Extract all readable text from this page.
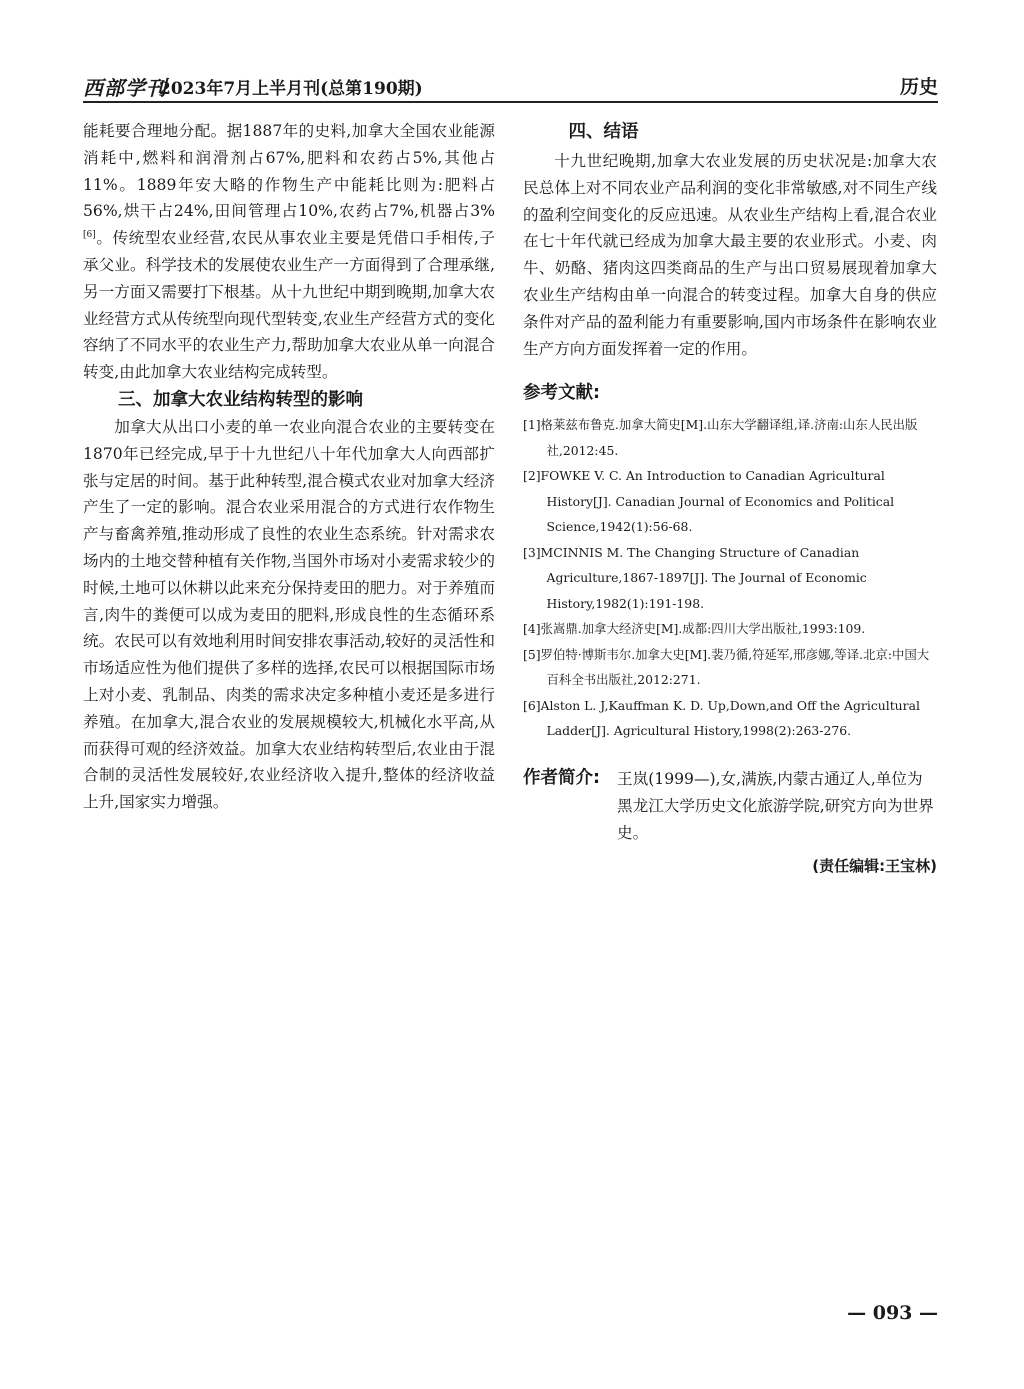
西部学刊
2023年7月上半月刊(总第190期)	历史

能耗要合理地分配。据1887年的史料,加拿大全国农业能源消耗中,燃料和润滑剂占67%,肥料和农药占5%,其他占11%。1889年安大略的作物生产中能耗比则为:肥料占56%,烘干占24%,田间管理占10%,农药占7%,机器占3%[6]。传统型农业经营,农民从事农业主要是凭借口手相传,子承父业。科学技术的发展使农业生产一方面得到了合理承继,另一方面又需要打下根基。从十九世纪中期到晚期,加拿大农业经营方式从传统型向现代型转变,农业生产经营方式的变化容纳了不同水平的农业生产力,帮助加拿大农业从单一向混合转变,由此加拿大农业结构完成转型。

三、加拿大农业结构转型的影响

加拿大从出口小麦的单一农业向混合农业的主要转变在1870年已经完成,早于十九世纪八十年代加拿大人向西部扩张与定居的时间。基于此种转型,混合模式农业对加拿大经济产生了一定的影响。混合农业采用混合的方式进行农作物生产与畜禽养殖,推动形成了良性的农业生态系统。针对需求农场内的土地交替种植有关作物,当国外市场对小麦需求较少的时候,土地可以休耕以此来充分保持麦田的肥力。对于养殖而言,肉牛的粪便可以成为麦田的肥料,形成良性的生态循环系统。农民可以有效地利用时间安排农事活动,较好的灵活性和市场适应性为他们提供了多样的选择,农民可以根据国际市场上对小麦、乳制品、肉类的需求决定多种植小麦还是多进行养殖。在加拿大,混合农业的发展规模较大,机械化水平高,从而获得可观的经济效益。加拿大农业结构转型后,农业由于混合制的灵活性发展较好,农业经济收入提升,整体的经济收益上升,国家实力增强。

四、结语

十九世纪晚期,加拿大农业发展的历史状况是:加拿大农民总体上对不同农业产品利润的变化非常敏感,对不同生产线的盈利空间变化的反应迅速。从农业生产结构上看,混合农业在七十年代就已经成为加拿大最主要的农业形式。小麦、肉牛、奶酪、猪肉这四类商品的生产与出口贸易展现着加拿大农业生产结构由单一向混合的转变过程。加拿大自身的供应条件对产品的盈利能力有重要影响,国内市场条件在影响农业生产方向方面发挥着一定的作用。

参考文献:

[1]格莱兹布鲁克.加拿大简史[M].山东大学翻译组,译.济南:山东人民出版社,2012:45.

[2]FOWKE V. C. An Introduction to Canadian Agricultural History[J]. Canadian Journal of Economics and Political Science,1942(1):56-68.

[3]MCINNIS M. The Changing Structure of Canadian Agriculture,1867-1897[J]. The Journal of Economic History,1982(1):191-198.

[4]张嵩鼎.加拿大经济史[M].成都:四川大学出版社,1993:109.

[5]罗伯特·博斯韦尔.加拿大史[M].裴乃循,符延军,邢彦娜,等译.北京:中国大百科全书出版社,2012:271.

[6]Alston L. J,Kauffman K. D. Up,Down,and Off the Agricultural Ladder[J]. Agricultural History,1998(2):263-276.

作者简介: 王岚(1999—),女,满族,内蒙古通辽人,单位为黑龙江大学历史文化旅游学院,研究方向为世界史。
(责任编辑:王宝林)
— 093 —
